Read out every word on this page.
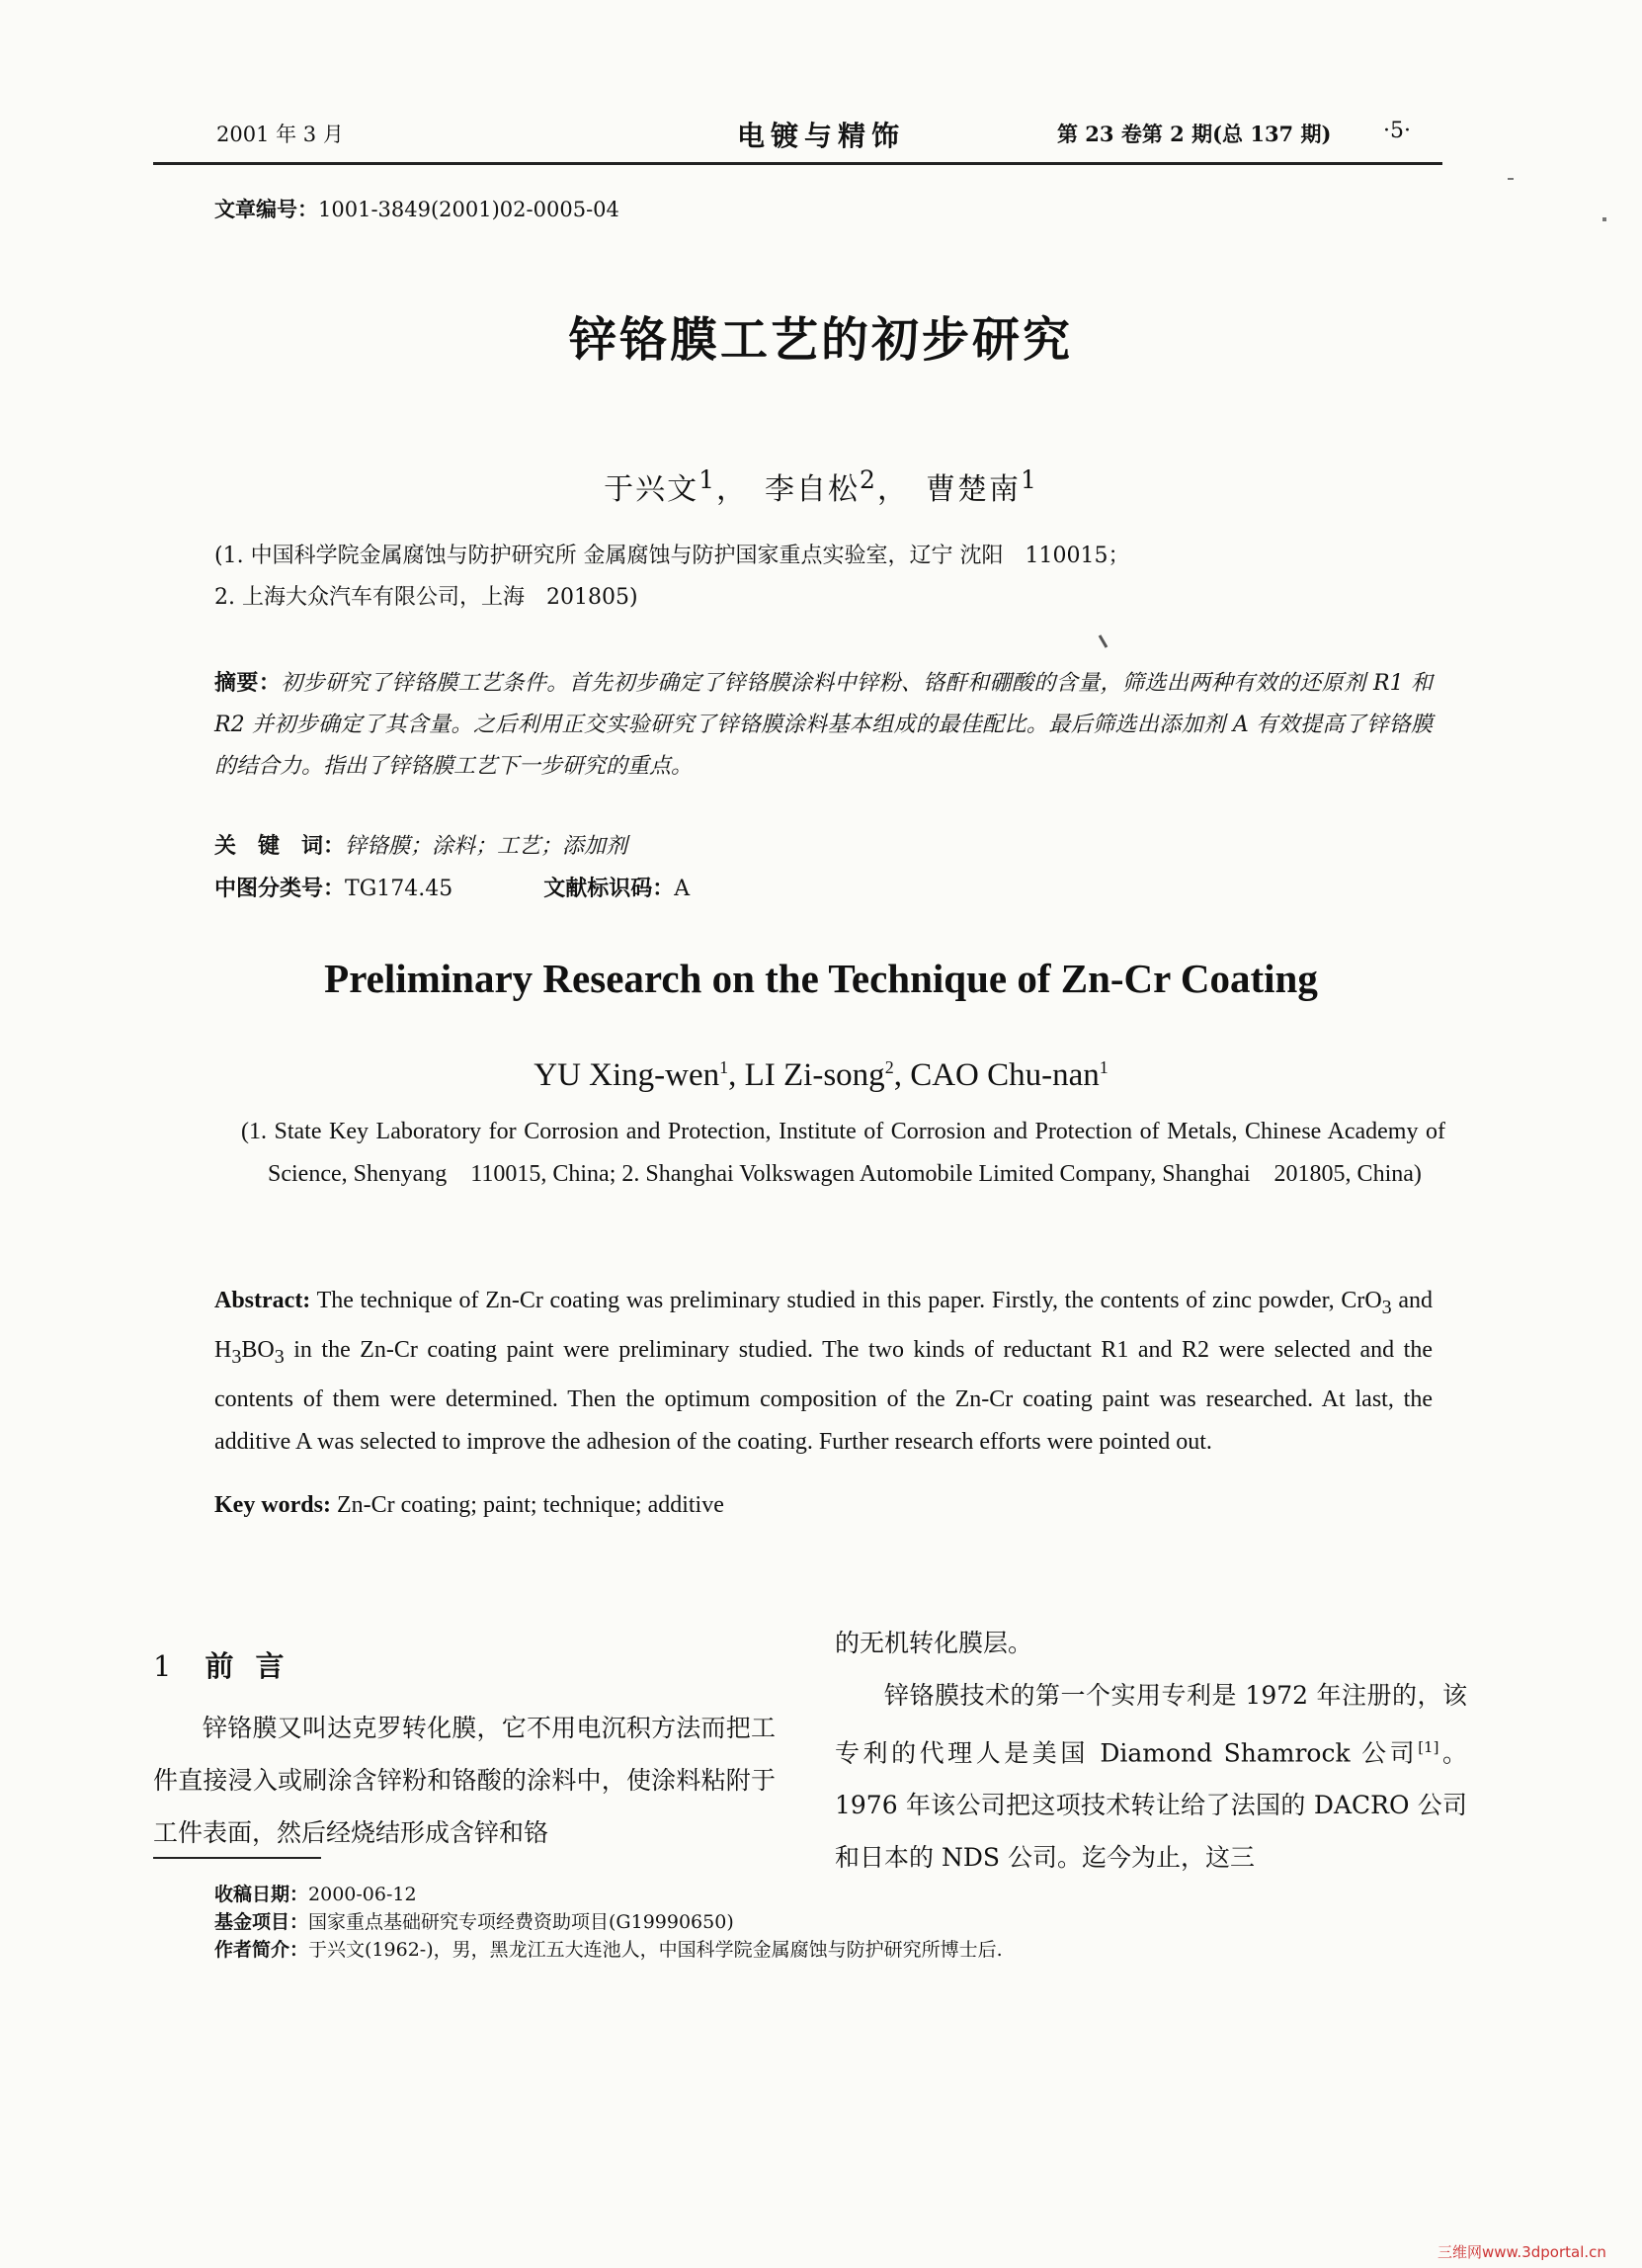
2001 年 3 月	电镀与精饰	第 23 卷第 2 期(总 137 期) ·5·
文章编号：1001-3849(2001)02-0005-04
锌铬膜工艺的初步研究
于兴文$^1$，　李自松$^2$，　曹楚南$^1$
(1. 中国科学院金属腐蚀与防护研究所 金属腐蚀与防护国家重点实验室，辽宁 沈阳　110015；
2. 上海大众汽车有限公司，上海　201805)
摘要：初步研究了锌铬膜工艺条件。首先初步确定了锌铬膜涂料中锌粉、铬酐和硼酸的含量，筛选出两种有效的还原剂 R1 和 R2 并初步确定了其含量。之后利用正交实验研究了锌铬膜涂料基本组成的最佳配比。最后筛选出添加剂 A 有效提高了锌铬膜的结合力。指出了锌铬膜工艺下一步研究的重点。
关　键　词：锌铬膜；涂料；工艺；添加剂
中图分类号：TG174.45	文献标识码：A
Preliminary Research on the Technique of Zn-Cr Coating
YU Xing-wen$^1$, LI Zi-song$^2$, CAO Chu-nan$^1$
(1. State Key Laboratory for Corrosion and Protection, Institute of Corrosion and Protection of Metals, Chinese Academy of Science, Shenyang　110015, China; 2. Shanghai Volkswagen Automobile Limited Company, Shanghai　201805, China)
Abstract: The technique of Zn-Cr coating was preliminary studied in this paper. Firstly, the contents of zinc powder, CrO$_3$ and $H_3BO_3$ in the Zn-Cr coating paint were preliminary studied. The two kinds of reductant R1 and R2 were selected and the contents of them were determined. Then the optimum composition of the Zn-Cr coating paint was researched. At last, the additive A was selected to improve the adhesion of the coating. Further research efforts were pointed out.
Key words: Zn-Cr coating; paint; technique; additive
1 前言
锌铬膜又叫达克罗转化膜，它不用电沉积方法而把工件直接浸入或刷涂含锌粉和铬酸的涂料中，使涂料粘附于工件表面，然后经烧结形成含锌和铬
的无机转化膜层。
锌铬膜技术的第一个实用专利是 1972 年注册的，该专利的代理人是美国 Diamond Shamrock 公司[1]。1976 年该公司把这项技术转让给了法国的 DACRO 公司和日本的 NDS 公司。迄今为止，这三
收稿日期：2000-06-12
基金项目：国家重点基础研究专项经费资助项目(G19990650)
作者简介：于兴文(1962-)，男，黑龙江五大连池人，中国科学院金属腐蚀与防护研究所博士后.
三维网www.3dportal.cn
